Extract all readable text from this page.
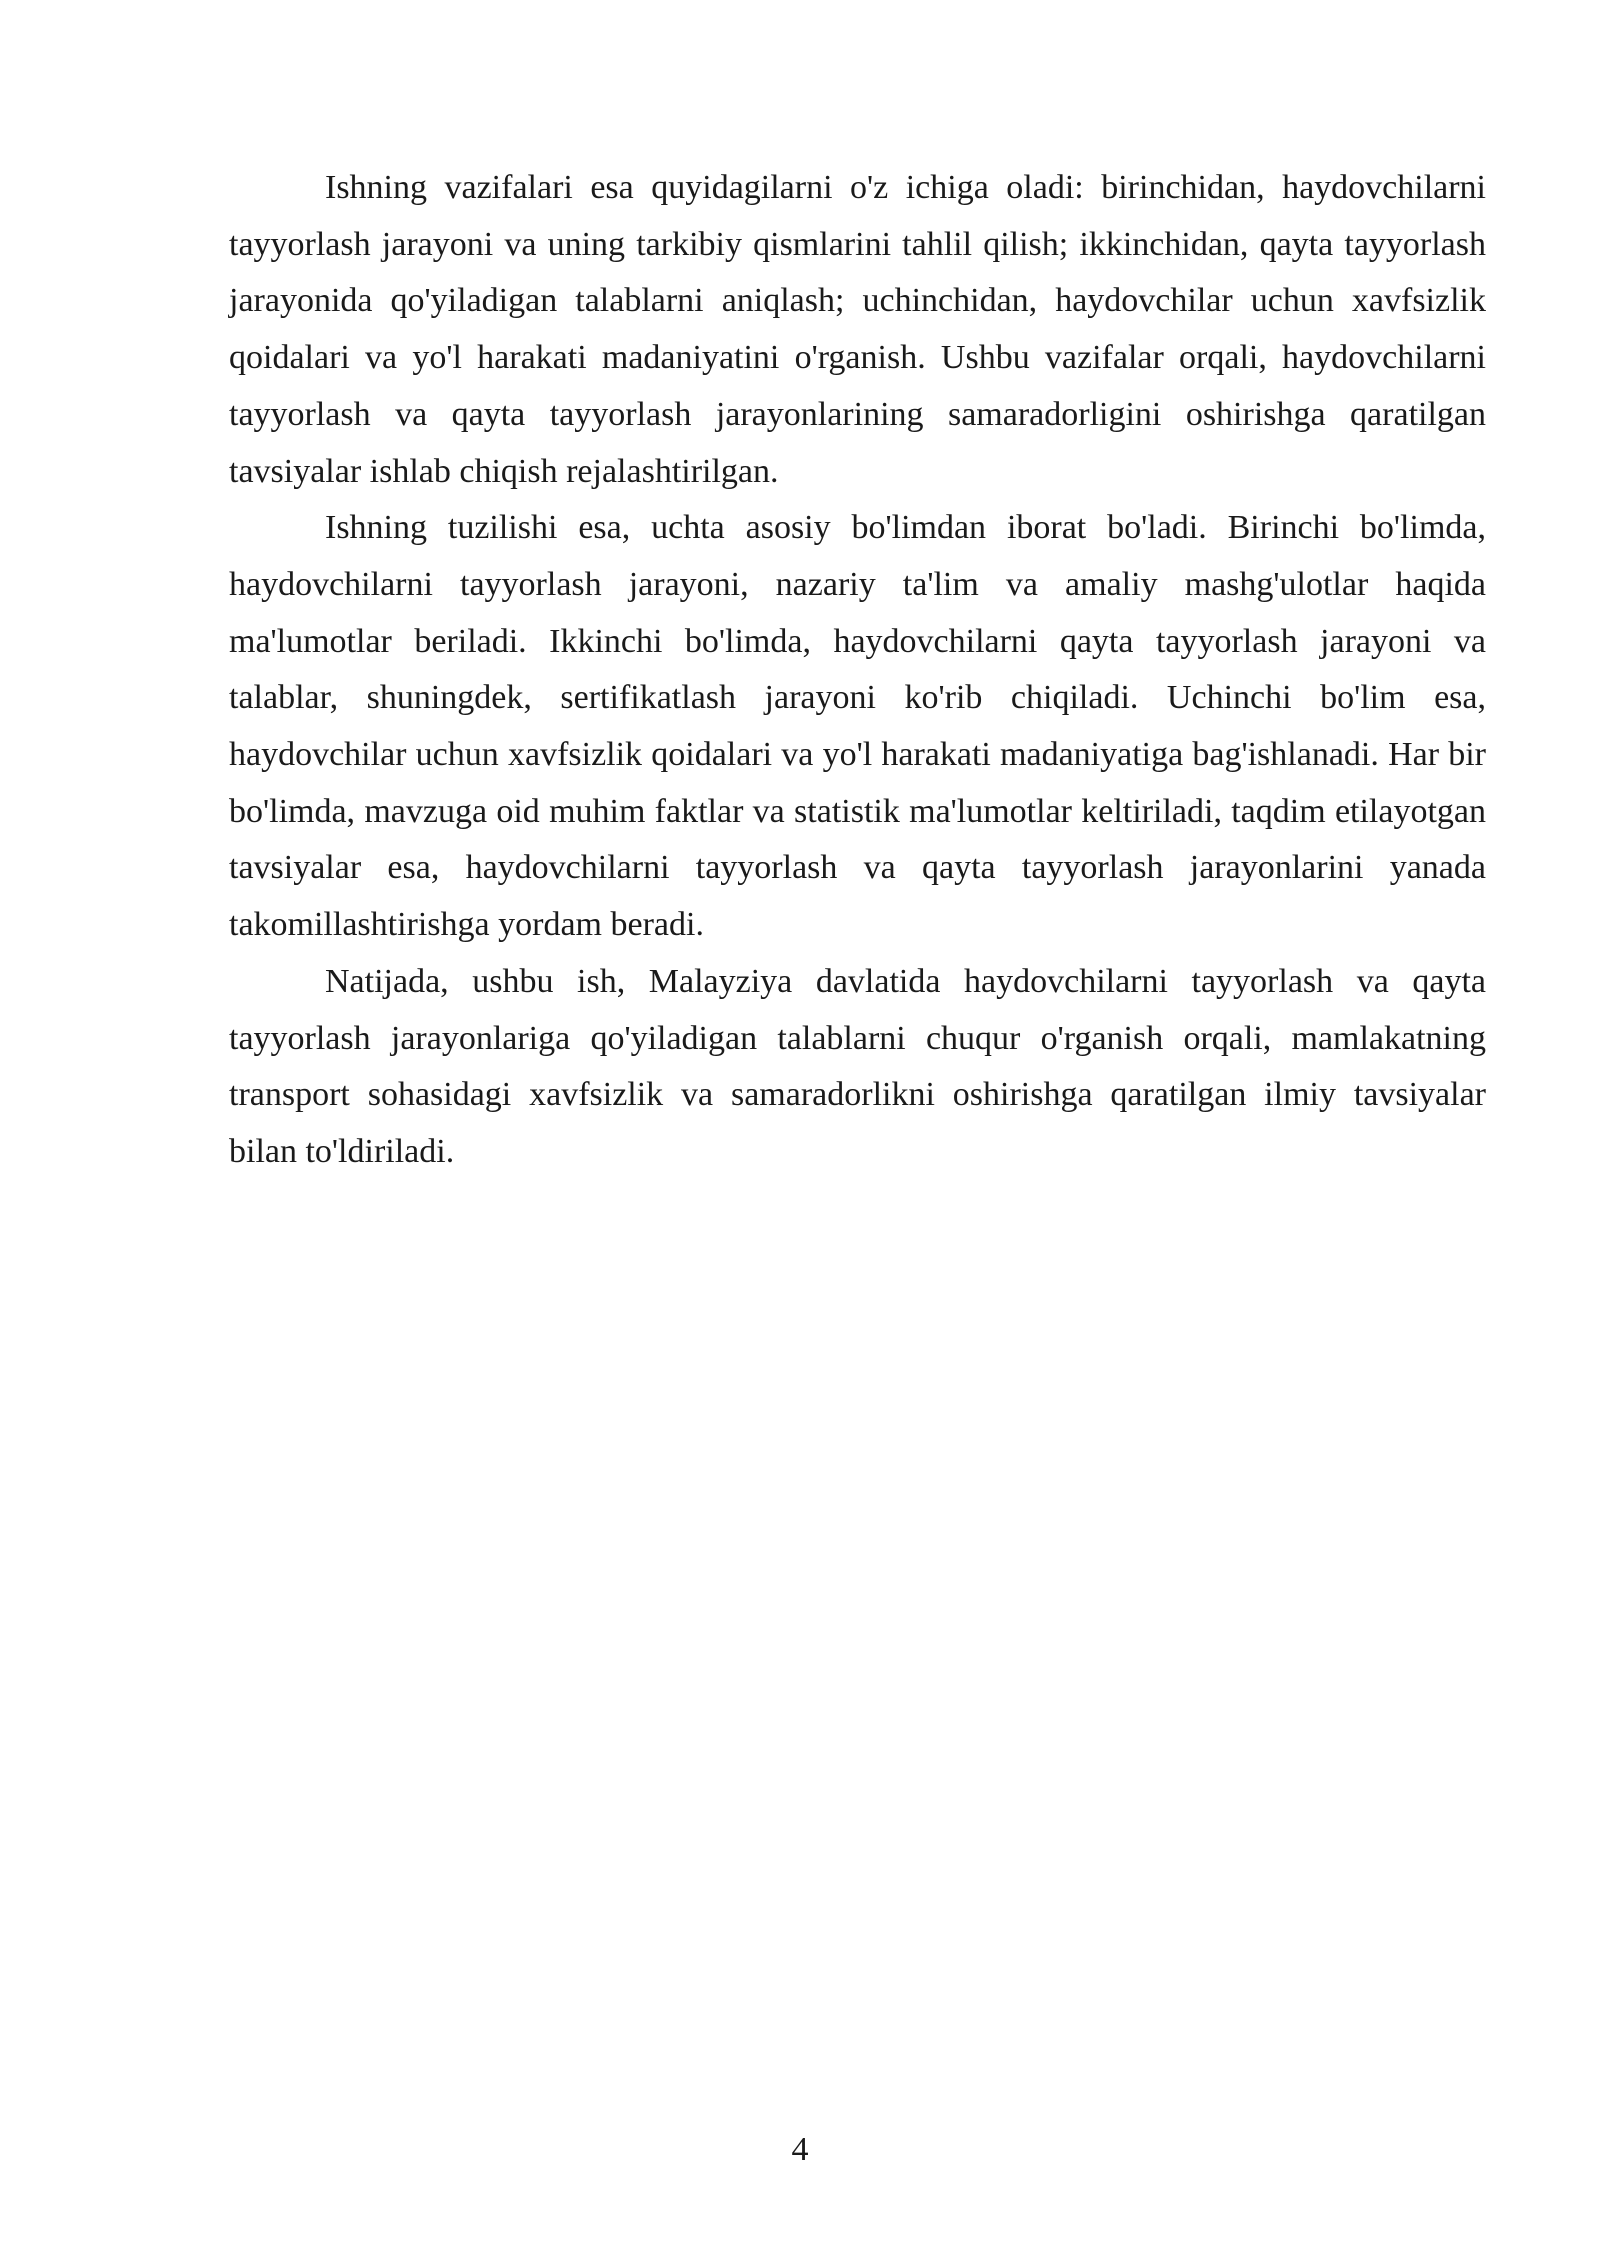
Ishning vazifalari esa quyidagilarni o'z ichiga oladi: birinchidan, haydovchilarni tayyorlash jarayoni va uning tarkibiy qismlarini tahlil qilish; ikkinchidan, qayta tayyorlash jarayonida qo'yiladigan talablarni aniqlash; uchinchidan, haydovchilar uchun xavfsizlik qoidalari va yo'l harakati madaniyatini o'rganish. Ushbu vazifalar orqali, haydovchilarni tayyorlash va qayta tayyorlash jarayonlarining samaradorligini oshirishga qaratilgan tavsiyalar ishlab chiqish rejalashtirilgan.

Ishning tuzilishi esa, uchta asosiy bo'limdan iborat bo'ladi. Birinchi bo'limda, haydovchilarni tayyorlash jarayoni, nazariy ta'lim va amaliy mashg'ulotlar haqida ma'lumotlar beriladi. Ikkinchi bo'limda, haydovchilarni qayta tayyorlash jarayoni va talablar, shuningdek, sertifikatlash jarayoni ko'rib chiqiladi. Uchinchi bo'lim esa, haydovchilar uchun xavfsizlik qoidalari va yo'l harakati madaniyatiga bag'ishlanadi. Har bir bo'limda, mavzuga oid muhim faktlar va statistik ma'lumotlar keltiriladi, taqdim etilayotgan tavsiyalar esa, haydovchilarni tayyorlash va qayta tayyorlash jarayonlarini yanada takomillashtirishga yordam beradi.

Natijada, ushbu ish, Malayziya davlatida haydovchilarni tayyorlash va qayta tayyorlash jarayonlariga qo'yiladigan talablarni chuqur o'rganish orqali, mamlakatning transport sohasidagi xavfsizlik va samaradorlikni oshirishga qaratilgan ilmiy tavsiyalar bilan to'ldiriladi.

4
